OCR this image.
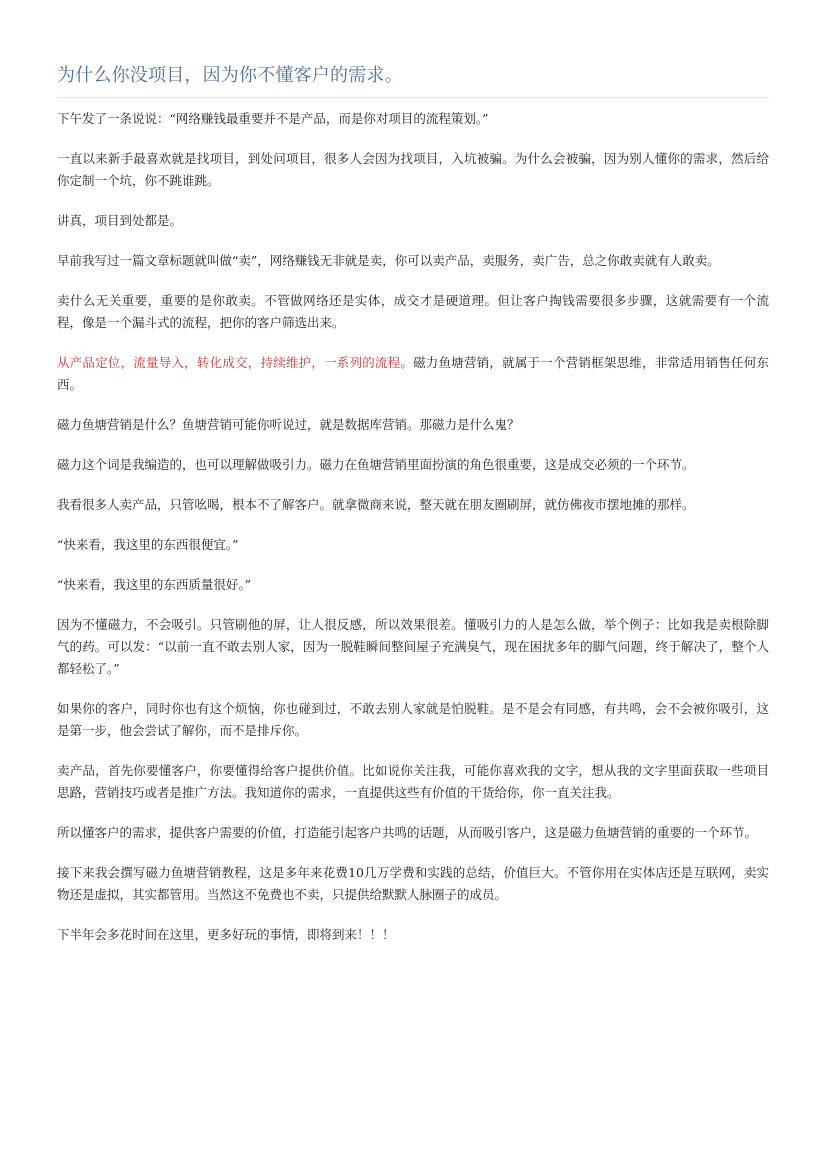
为什么你没项目，因为你不懂客户的需求。

下午发了一条说说：“网络赚钱最重要并不是产品，而是你对项目的流程策划。”

一直以来新手最喜欢就是找项目，到处问项目，很多人会因为找项目，入坑被骗。为什么会被骗，因为别人懂你的需求，然后给你定制一个坑，你不跳谁跳。

讲真，项目到处都是。

早前我写过一篇文章标题就叫做“卖”，网络赚钱无非就是卖，你可以卖产品，卖服务，卖广告，总之你敢卖就有人敢卖。

卖什么无关重要，重要的是你敢卖。不管做网络还是实体，成交才是硬道理。但让客户掏钱需要很多步骤，这就需要有一个流程，像是一个漏斗式的流程，把你的客户筛选出来。

从产品定位，流量导入，转化成交，持续维护，一系列的流程。磁力鱼塘营销，就属于一个营销框架思维，非常适用销售任何东西。

磁力鱼塘营销是什么？鱼塘营销可能你听说过，就是数据库营销。那磁力是什么鬼？

磁力这个词是我编造的，也可以理解做吸引力。磁力在鱼塘营销里面扮演的角色很重要，这是成交必须的一个环节。

我看很多人卖产品，只管吆喝，根本不了解客户。就拿微商来说，整天就在朋友圈刷屏，就仿佛夜市摆地摊的那样。

“快来看，我这里的东西很便宜。”

“快来看，我这里的东西质量很好。”

因为不懂磁力，不会吸引。只管刷他的屏，让人很反感，所以效果很差。懂吸引力的人是怎么做，举个例子：比如我是卖根除脚气的药。可以发：“以前一直不敢去别人家，因为一脱鞋瞬间整间屋子充满臭气，现在困扰多年的脚气问题，终于解决了，整个人都轻松了。”

如果你的客户，同时你也有这个烦恼，你也碰到过，不敢去别人家就是怕脱鞋。是不是会有同感，有共鸣，会不会被你吸引，这是第一步，他会尝试了解你，而不是排斥你。

卖产品，首先你要懂客户，你要懂得给客户提供价值。比如说你关注我，可能你喜欢我的文字，想从我的文字里面获取一些项目思路，营销技巧或者是推广方法。我知道你的需求，一直提供这些有价值的干货给你，你一直关注我。

所以懂客户的需求，提供客户需要的价值，打造能引起客户共鸣的话题，从而吸引客户，这是磁力鱼塘营销的重要的一个环节。

接下来我会撰写磁力鱼塘营销教程，这是多年来花费10几万学费和实践的总结，价值巨大。不管你用在实体店还是互联网，卖实物还是虚拟，其实都管用。当然这不免费也不卖，只提供给默默人脉圈子的成员。

下半年会多花时间在这里，更多好玩的事情，即将到来！！！
